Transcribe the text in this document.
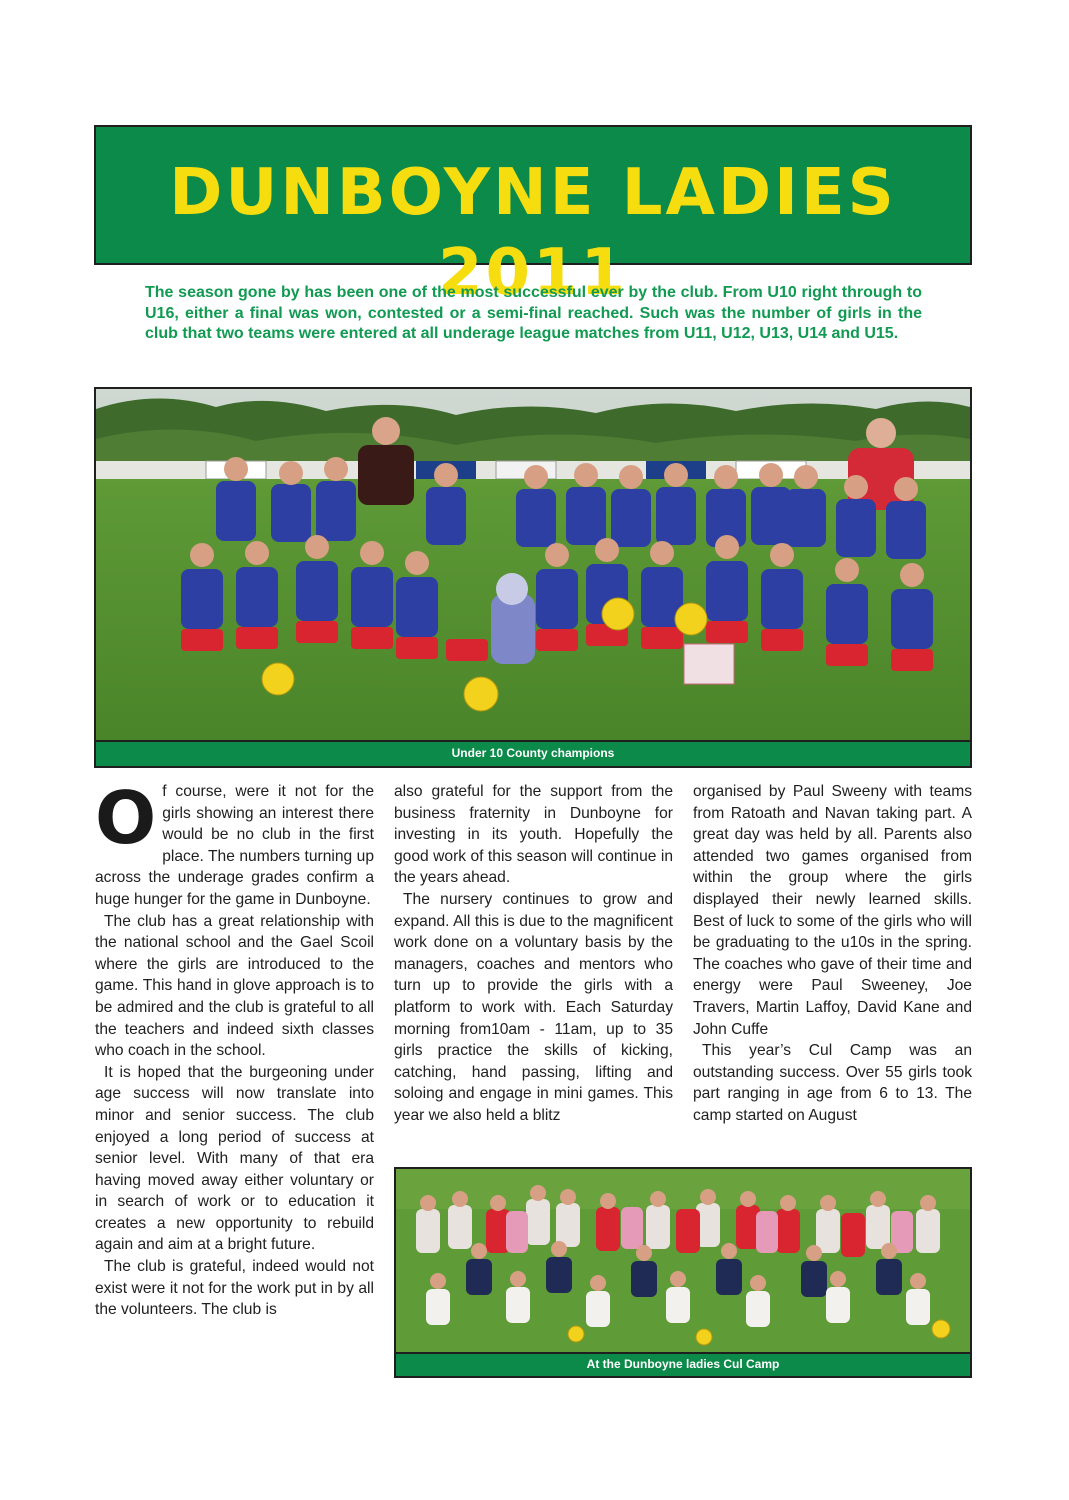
DUNBOYNE LADIES 2011
The season gone by has been one of the most successful ever by the club. From U10 right through to U16, either a final was won, contested or a semi-final reached. Such was the number of girls in the club that two teams were entered at all underage league matches from U11, U12, U13, U14 and U15.
Under 10 County champions

Of course, were it not for the girls showing an interest there would be no club in the first place. The numbers turning up across the underage grades confirm a huge hunger for the game in Dunboyne.

The club has a great relationship with the national school and the Gael Scoil where the girls are introduced to the game. This hand in glove approach is to be admired and the club is grateful to all the teachers and indeed sixth classes who coach in the school.

It is hoped that the burgeoning under age success will now translate into minor and senior success. The club enjoyed a long period of success at senior level. With many of that era having moved away either voluntary or in search of work or to education it creates a new opportunity to rebuild again and aim at a bright future.

The club is grateful, indeed would not exist were it not for the work put in by all the volunteers. The club is

also grateful for the support from the business fraternity in Dunboyne for investing in its youth. Hopefully the good work of this season will continue in the years ahead.

The nursery continues to grow and expand. All this is due to the magnificent work done on a voluntary basis by the managers, coaches and mentors who turn up to provide the girls with a platform to work with. Each Saturday morning from10am - 11am, up to 35 girls practice the skills of kicking, catching, hand passing, lifting and soloing and engage in mini games. This year we also held a blitz

organised by Paul Sweeny with teams from Ratoath and Navan taking part. A great day was held by all. Parents also attended two games organised from within the group where the girls displayed their newly learned skills. Best of luck to some of the girls who will be graduating to the u10s in the spring. The coaches who gave of their time and energy were Paul Sweeney, Joe Travers, Martin Laffoy, David Kane and John Cuffe

This year’s Cul Camp was an outstanding success. Over 55 girls took part ranging in age from 6 to 13. The camp started on August

At the Dunboyne ladies Cul Camp
